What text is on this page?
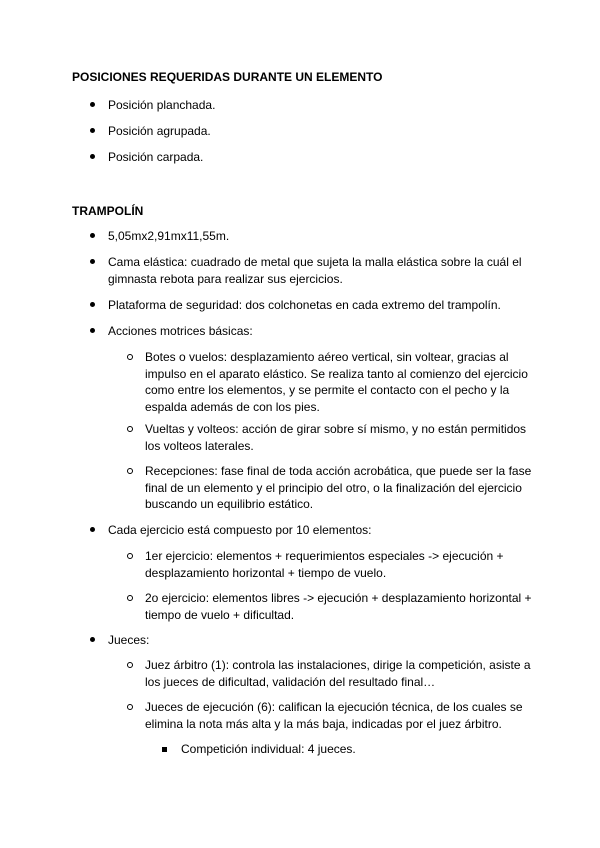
POSICIONES REQUERIDAS DURANTE UN ELEMENTO
Posición planchada.
Posición agrupada.
Posición carpada.
TRAMPOLÍN
5,05mx2,91mx11,55m.
Cama elástica: cuadrado de metal que sujeta la malla elástica sobre la cuál el gimnasta rebota para realizar sus ejercicios.
Plataforma de seguridad: dos colchonetas en cada extremo del trampolín.
Acciones motrices básicas:
Botes o vuelos: desplazamiento aéreo vertical, sin voltear, gracias al impulso en el aparato elástico. Se realiza tanto al comienzo del ejercicio como entre los elementos, y se permite el contacto con el pecho y la espalda además de con los pies.
Vueltas y volteos: acción de girar sobre sí mismo, y no están permitidos los volteos laterales.
Recepciones: fase final de toda acción acrobática, que puede ser la fase final de un elemento y el principio del otro, o la finalización del ejercicio buscando un equilibrio estático.
Cada ejercicio está compuesto por 10 elementos:
1er ejercicio: elementos + requerimientos especiales -> ejecución + desplazamiento horizontal + tiempo de vuelo.
2o ejercicio: elementos libres -> ejecución + desplazamiento horizontal + tiempo de vuelo + dificultad.
Jueces:
Juez árbitro (1): controla las instalaciones, dirige la competición, asiste a los jueces de dificultad, validación del resultado final…
Jueces de ejecución (6): califican la ejecución técnica, de los cuales se elimina la nota más alta y la más baja, indicadas por el juez árbitro.
Competición individual: 4 jueces.
